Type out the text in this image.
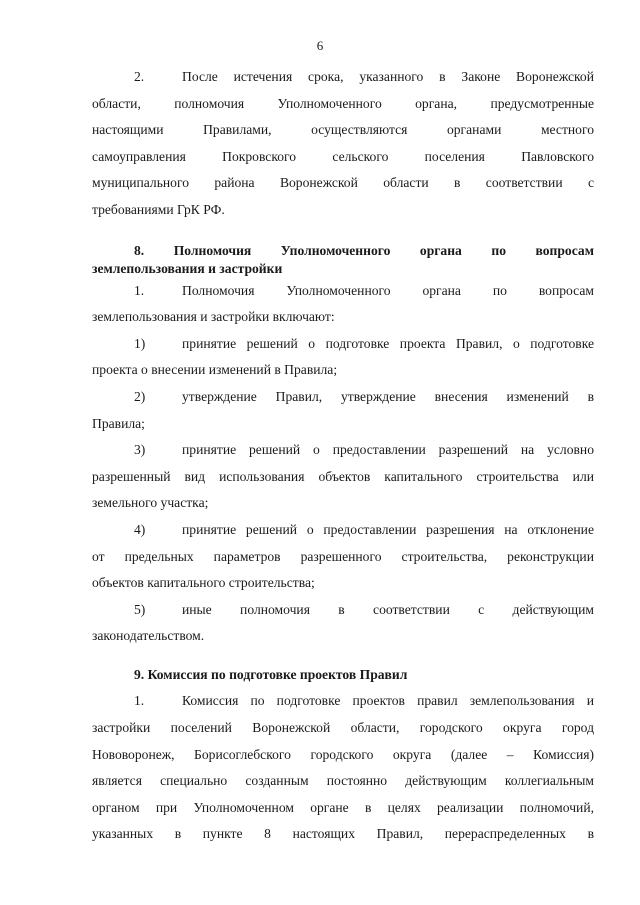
6
2.	После истечения срока, указанного в Законе Воронежской
области, полномочия Уполномоченного органа, предусмотренные
настоящими Правилами, осуществляются органами местного
самоуправления Покровского сельского поселения Павловского
муниципального района Воронежской области в соответствии с
требованиями ГрК РФ.
8. Полномочия Уполномоченного органа по вопросам
землепользования и застройки
1.	Полномочия Уполномоченного органа по вопросам
землепользования и застройки включают:
1)	принятие решений о подготовке проекта Правил, о подготовке
проекта о внесении изменений в Правила;
2)	утверждение Правил, утверждение внесения изменений в
Правила;
3)	принятие решений о предоставлении разрешений на условно
разрешенный вид использования объектов капитального строительства или
земельного участка;
4)	принятие решений о предоставлении разрешения на отклонение
от предельных параметров разрешенного строительства, реконструкции
объектов капитального строительства;
5)	иные полномочия в соответствии с действующим
законодательством.
9. Комиссия по подготовке проектов Правил
1.	Комиссия по подготовке проектов правил землепользования и
застройки поселений Воронежской области, городского округа город
Нововоронеж, Борисоглебского городского округа (далее – Комиссия)
является специально созданным постоянно действующим коллегиальным
органом при Уполномоченном органе в целях реализации полномочий,
указанных в пункте 8 настоящих Правил, перераспределенных в
